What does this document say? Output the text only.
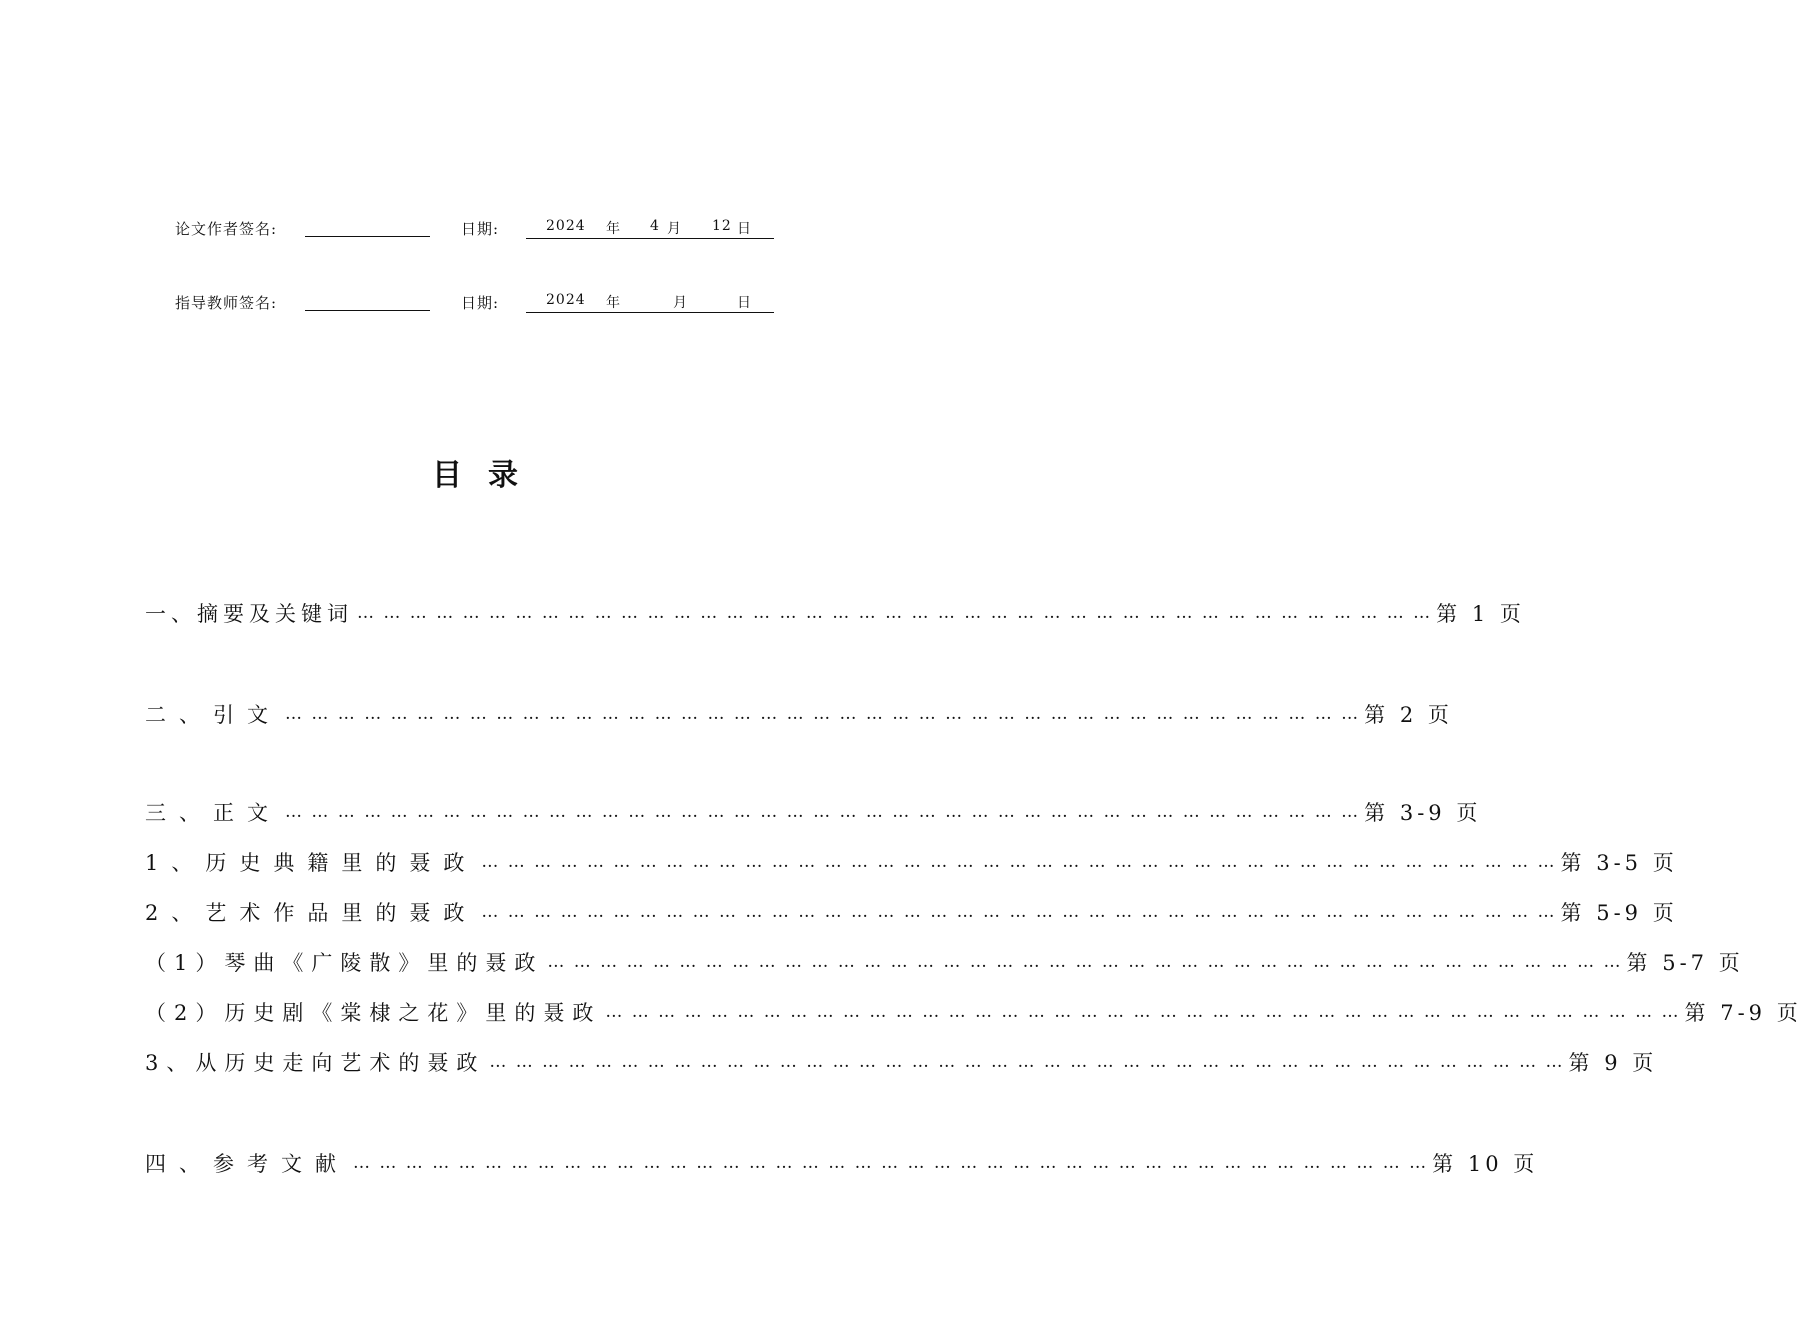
论文作者签名:	日期:	2024 年 4 月 12 日
指导教师签名:	日期:	2024 年	月	日
目录
一、摘要及关键词 … … … … … … … … … … … … … … … … … … … … … … … … … … … … … … … … … … … … … … … … … 第 1 页
二、引文 … … … … … … … … … … … … … … … … … … … … … … … … … … … … … … … … … … … … … … … … … 第 2 页
三、正文 … … … … … … … … … … … … … … … … … … … … … … … … … … … … … … … … … … … … … … … … … 第 3-9 页
1、历史典籍里的聂政 … … … … … … … … … … … … … … … … … … … … … … … … … … … … … … … … … … … … … … … … … 第 3-5 页
2、艺术作品里的聂政 … … … … … … … … … … … … … … … … … … … … … … … … … … … … … … … … … … … … … … … … … 第 5-9 页
（1）琴曲《广陵散》里的聂政 … … … … … … … … … … … … … … … … … … … … … … … … … … … … … … … … … … … … … … … … … 第 5-7 页
（2）历史剧《棠棣之花》里的聂政 … … … … … … … … … … … … … … … … … … … … … … … … … … … … … … … … … … … … … … … … … 第 7-9 页
3、从历史走向艺术的聂政 … … … … … … … … … … … … … … … … … … … … … … … … … … … … … … … … … … … … … … … … … 第 9 页
四、参考文献 … … … … … … … … … … … … … … … … … … … … … … … … … … … … … … … … … … … … … … … … … 第 10 页
